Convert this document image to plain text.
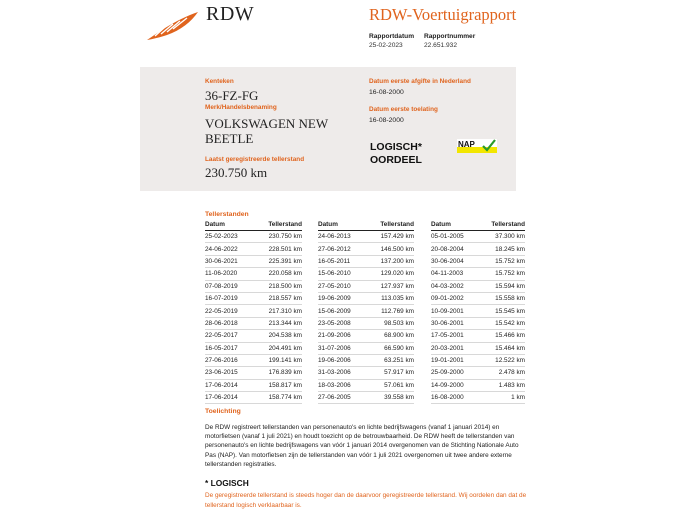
RDW	RDW-Voertuigrapport
Rapportdatum
25-02-2023
Rapportnummer
22.651.932
Kenteken
36-FZ-FG
Merk/Handelsbenaming
VOLKSWAGEN NEW BEETLE
Laatst geregistreerde tellerstand
230.750 km
Datum eerste afgifte in Nederland
16-08-2000
Datum eerste toelating
16-08-2000
LOGISCH*
OORDEEL
NAP
Tellerstanden
Datum	Tellerstand
25-02-2023	230.750 km
24-06-2022	228.501 km
30-06-2021	225.391 km
11-06-2020	220.058 km
07-08-2019	218.500 km
16-07-2019	218.557 km
22-05-2019	217.310 km
28-06-2018	213.344 km
22-05-2017	204.538 km
16-05-2017	204.491 km
27-06-2016	199.141 km
23-06-2015	176.839 km
17-06-2014	158.817 km
17-06-2014	158.774 km
Datum	Tellerstand
24-06-2013	157.429 km
27-06-2012	146.500 km
16-05-2011	137.200 km
15-06-2010	129.020 km
27-05-2010	127.937 km
19-06-2009	113.035 km
15-06-2009	112.769 km
23-05-2008	98.503 km
21-09-2006	68.900 km
31-07-2006	66.590 km
19-06-2006	63.251 km
31-03-2006	57.917 km
18-03-2006	57.061 km
27-06-2005	39.558 km
Datum	Tellerstand
05-01-2005	37.300 km
20-08-2004	18.245 km
30-06-2004	15.752 km
04-11-2003	15.752 km
04-03-2002	15.594 km
09-01-2002	15.558 km
10-09-2001	15.545 km
30-06-2001	15.542 km
17-05-2001	15.466 km
20-03-2001	15.464 km
19-01-2001	12.522 km
25-09-2000	2.478 km
14-09-2000	1.483 km
16-08-2000	1 km
Toelichting
De RDW registreert tellerstanden van personenauto's en lichte bedrijfswagens (vanaf 1 januari 2014) en motorfietsen (vanaf 1 juli 2021) en houdt toezicht op de betrouwbaarheid. De RDW heeft de tellerstanden van personenauto's en lichte bedrijfswagens van vóór 1 januari 2014 overgenomen van de Stichting Nationale Auto Pas (NAP). Van motorfietsen zijn de tellerstanden van vóór 1 juli 2021 overgenomen uit twee andere externe tellerstanden registraties.
* LOGISCH
De geregistreerde tellerstand is steeds hoger dan de daarvoor geregistreerde tellerstand. Wij oordelen dan dat de tellerstand logisch verklaarbaar is.
